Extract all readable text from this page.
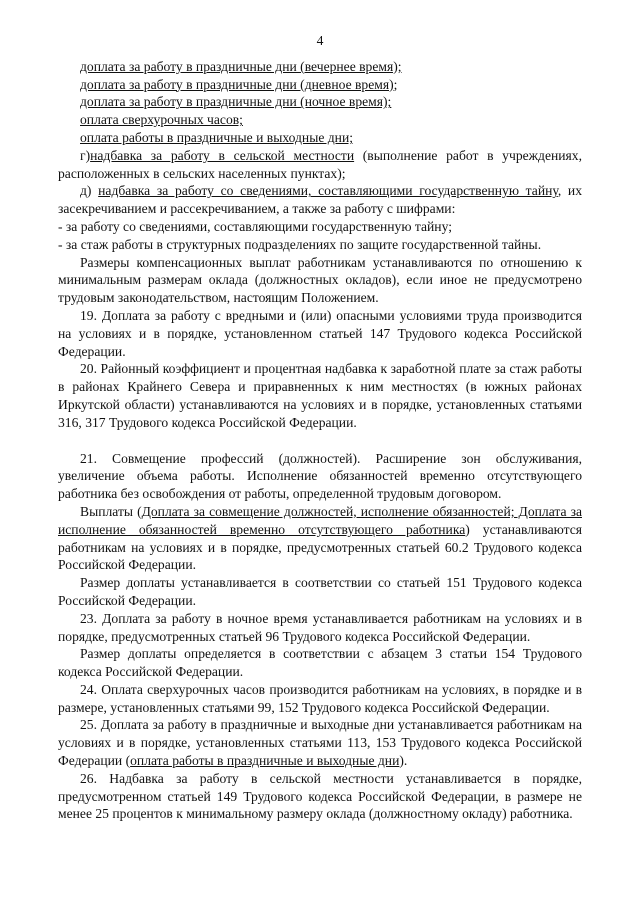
4

доплата за работу в праздничные дни (вечернее время);

доплата за работу в праздничные дни (дневное время);

доплата за работу в праздничные дни (ночное время);

оплата сверхурочных часов;

оплата работы в праздничные и выходные дни;

г)надбавка за работу в сельской местности (выполнение работ в учреждениях, расположенных в сельских населенных пунктах);

д) надбавка за работу со сведениями, составляющими государственную тайну, их засекречиванием и рассекречиванием, а также за работу с шифрами:

- за работу со сведениями, составляющими государственную тайну;

- за стаж работы в структурных подразделениях по защите государственной тайны.

Размеры компенсационных выплат работникам устанавливаются по отношению к минимальным размерам оклада (должностных окладов), если иное не предусмотрено трудовым законодательством, настоящим Положением.

19. Доплата за работу с вредными и (или) опасными условиями труда производится на условиях и в порядке, установленном статьей 147 Трудового кодекса Российской Федерации.

20. Районный коэффициент и процентная надбавка к заработной плате за стаж работы в районах Крайнего Севера и приравненных к ним местностях (в южных районах Иркутской области) устанавливаются на условиях и в порядке, установленных статьями 316, 317 Трудового кодекса Российской Федерации.

21. Совмещение профессий (должностей). Расширение зон обслуживания, увеличение объема работы. Исполнение обязанностей временно отсутствующего работника без освобождения от работы, определенной трудовым договором.

Выплаты (Доплата за совмещение должностей, исполнение обязанностей; Доплата за исполнение обязанностей временно отсутствующего работника) устанавливаются работникам на условиях и в порядке, предусмотренных статьей 60.2 Трудового кодекса Российской Федерации.

Размер доплаты устанавливается в соответствии со статьей 151 Трудового кодекса Российской Федерации.

23. Доплата за работу в ночное время устанавливается работникам на условиях и в порядке, предусмотренных статьей 96 Трудового кодекса Российской Федерации.

Размер доплаты определяется в соответствии с абзацем 3 статьи 154 Трудового кодекса Российской Федерации.

24. Оплата сверхурочных часов производится работникам на условиях, в порядке и в размере, установленных статьями 99, 152 Трудового кодекса Российской Федерации.

25. Доплата за работу в праздничные и выходные дни устанавливается работникам на условиях и в порядке, установленных статьями 113, 153 Трудового кодекса Российской Федерации (оплата работы в праздничные и выходные дни).

26. Надбавка за работу в сельской местности устанавливается в порядке, предусмотренном статьей 149 Трудового кодекса Российской Федерации, в размере не менее 25 процентов к минимальному размеру оклада (должностному окладу) работника.
